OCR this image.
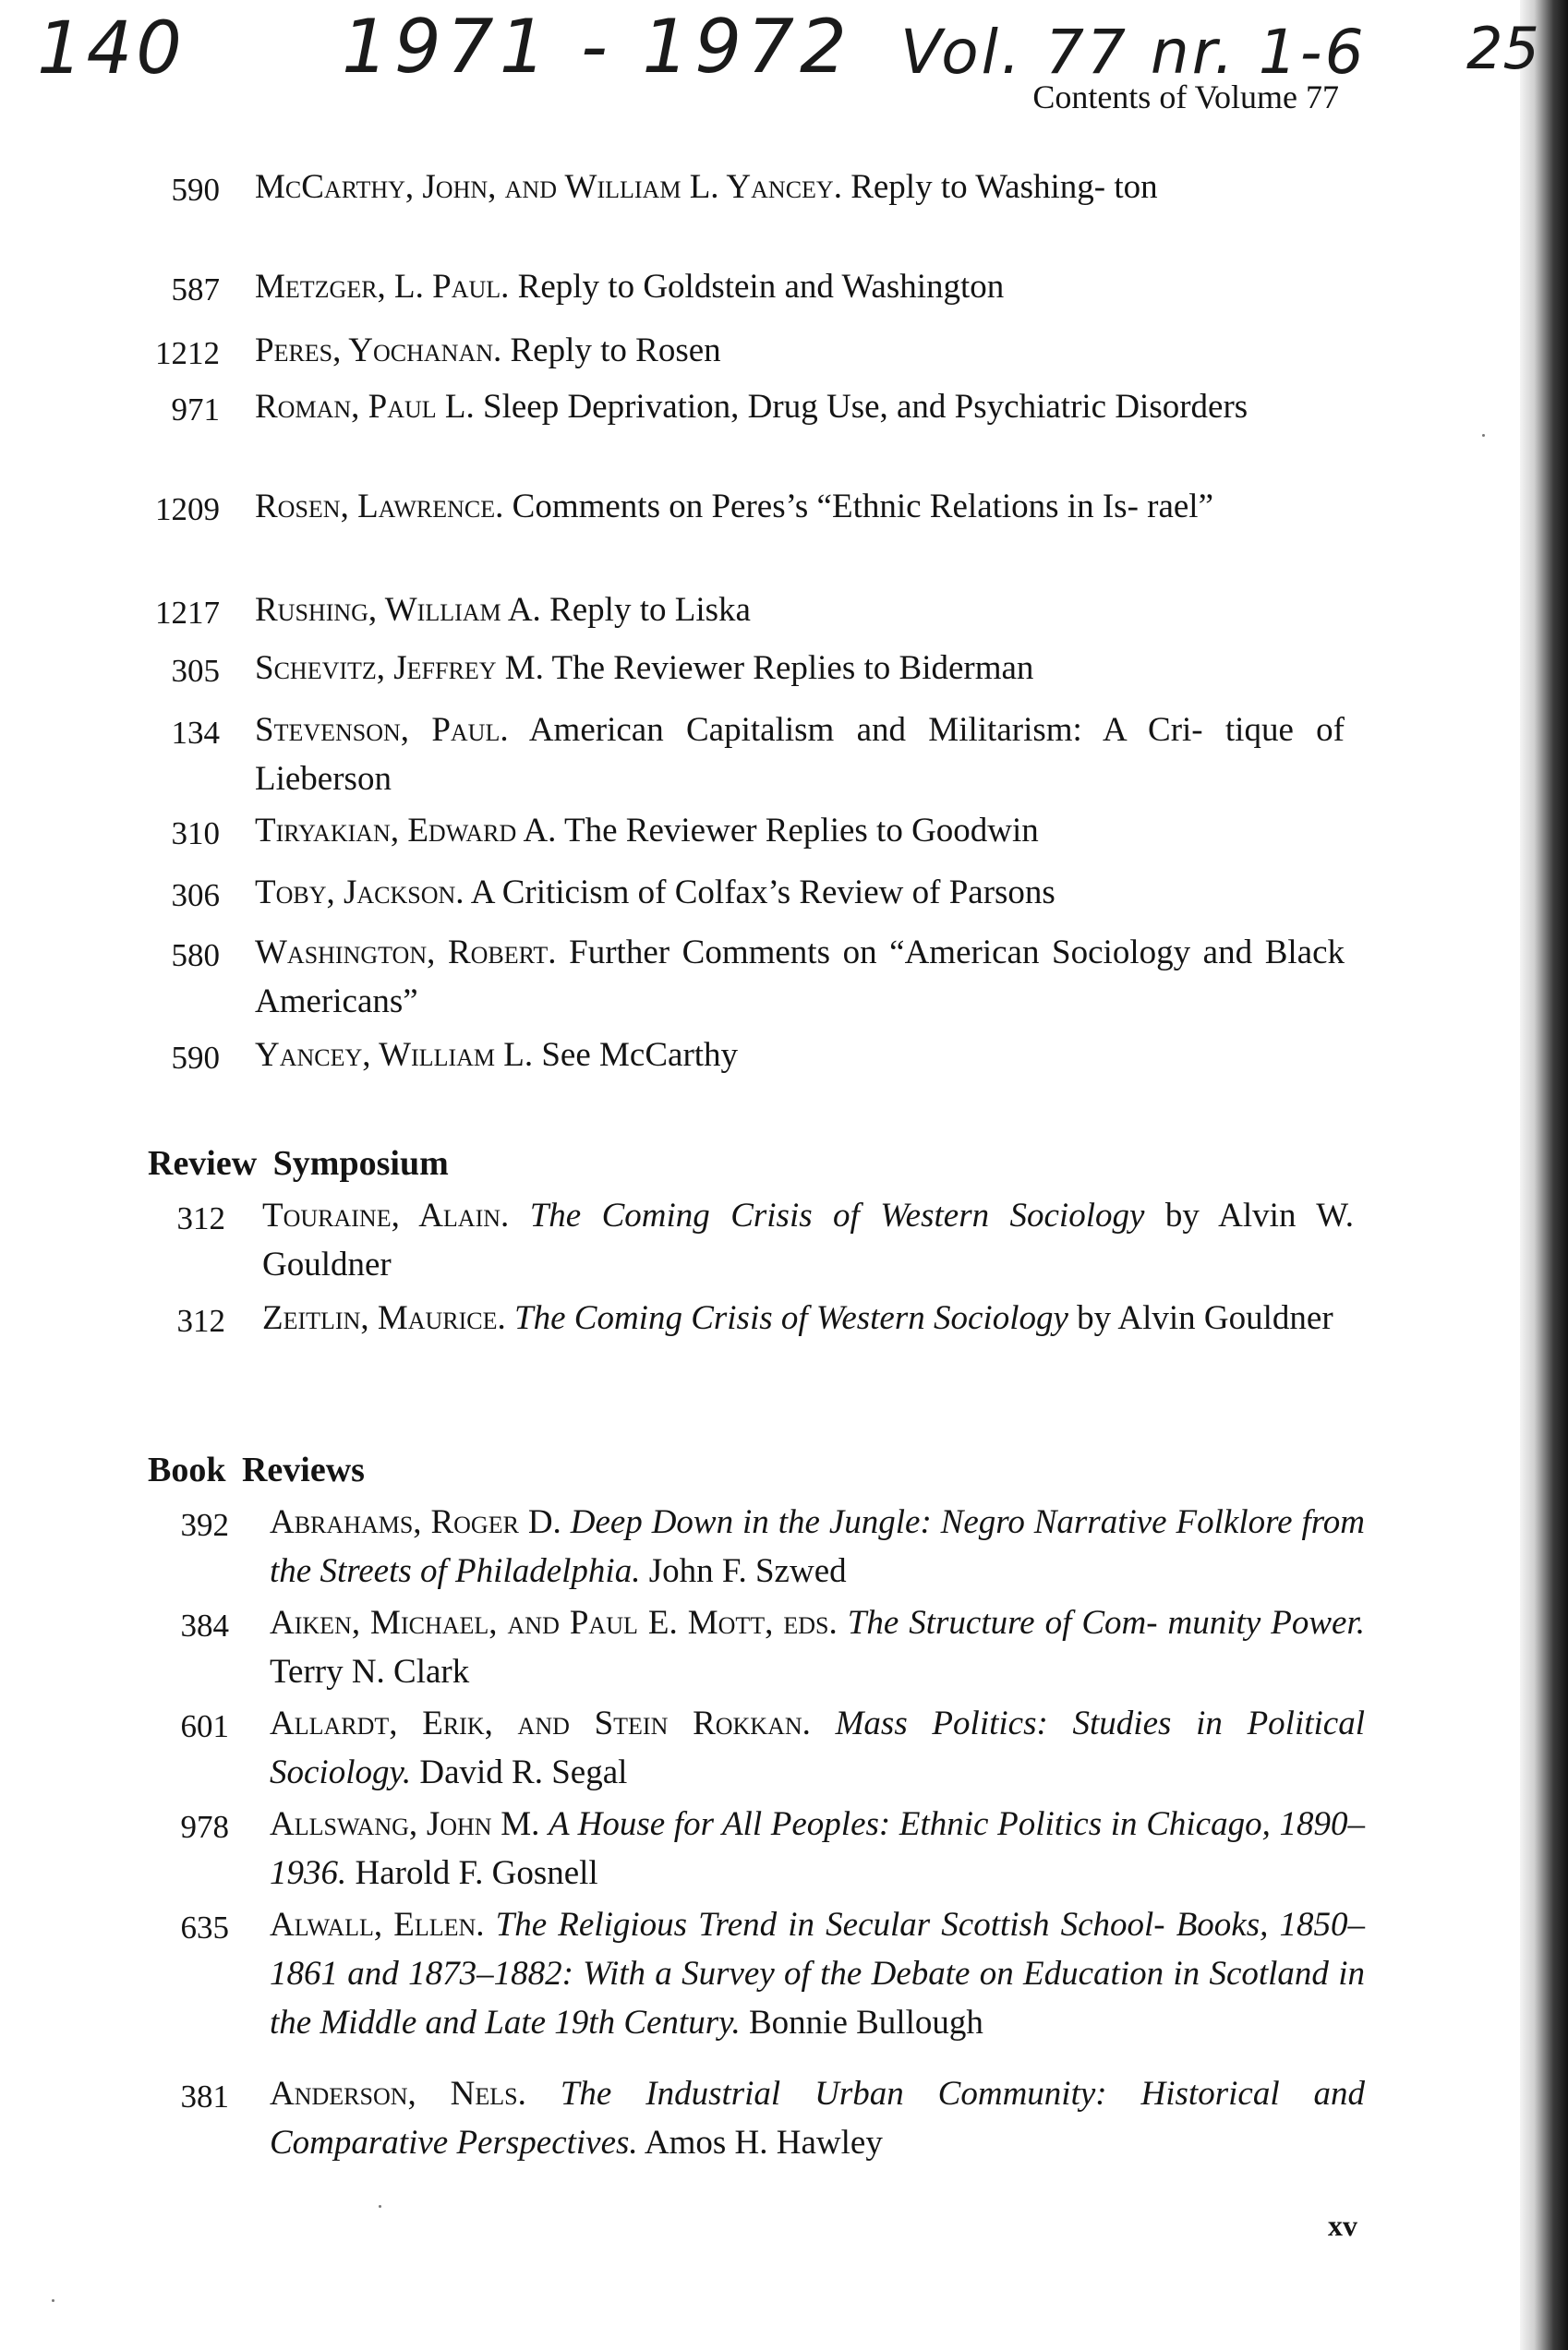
140 1971 - 1972 Vol. 77 nr. 1-6 25
Contents of Volume 77
590 McCarthy, John, and William L. Yancey. Reply to Washing- ton
587 Metzger, L. Paul. Reply to Goldstein and Washington
1212 Peres, Yochanan. Reply to Rosen
971 Roman, Paul L. Sleep Deprivation, Drug Use, and Psychiatric Disorders
1209 Rosen, Lawrence. Comments on Peres’s “Ethnic Relations in Is- rael”
1217 Rushing, William A. Reply to Liska
305 Schevitz, Jeffrey M. The Reviewer Replies to Biderman
134 Stevenson, Paul. American Capitalism and Militarism: A Cri- tique of Lieberson
310 Tiryakian, Edward A. The Reviewer Replies to Goodwin
306 Toby, Jackson. A Criticism of Colfax’s Review of Parsons
580 Washington, Robert. Further Comments on “American Sociology and Black Americans”
590 Yancey, William L. See McCarthy
Review Symposium
312 Touraine, Alain. The Coming Crisis of Western Sociology by Alvin W. Gouldner
312 Zeitlin, Maurice. The Coming Crisis of Western Sociology by Alvin Gouldner
Book Reviews
392 Abrahams, Roger D. Deep Down in the Jungle: Negro Narrative Folklore from the Streets of Philadelphia. John F. Szwed
384 Aiken, Michael, and Paul E. Mott, eds. The Structure of Com- munity Power. Terry N. Clark
601 Allardt, Erik, and Stein Rokkan. Mass Politics: Studies in Political Sociology. David R. Segal
978 Allswang, John M. A House for All Peoples: Ethnic Politics in Chicago, 1890–1936. Harold F. Gosnell
635 Alwall, Ellen. The Religious Trend in Secular Scottish School- Books, 1850–1861 and 1873–1882: With a Survey of the Debate on Education in Scotland in the Middle and Late 19th Century. Bonnie Bullough
381 Anderson, Nels. The Industrial Urban Community: Historical and Comparative Perspectives. Amos H. Hawley
xv
